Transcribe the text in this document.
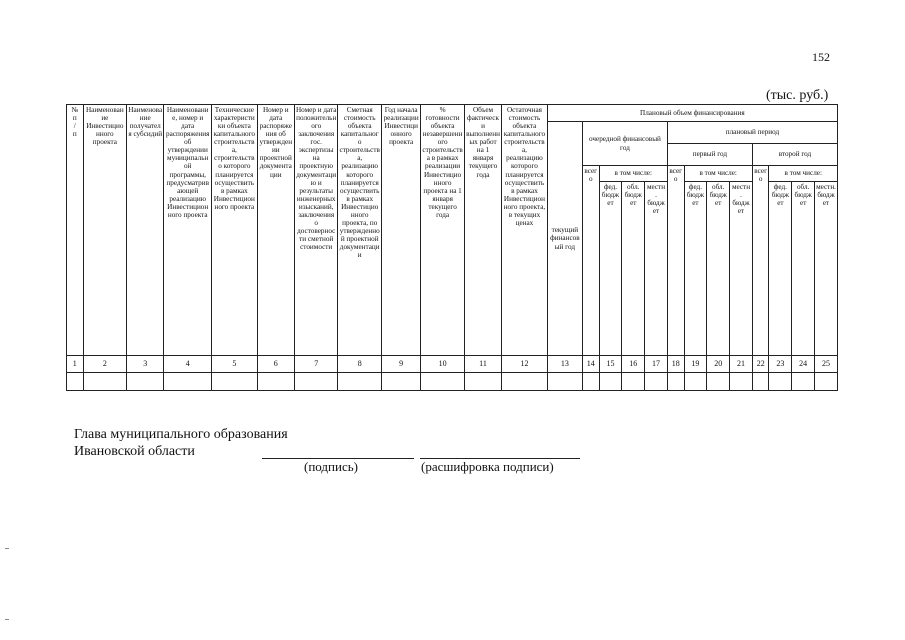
152
(тыс. руб.)
№
п
/
п	Наименование Инвестиционного проекта	Наименование получателя субсидий	Наименование, номер и дата распоряжения об утверждении муниципальной программы, предусматривающей реализацию Инвестиционного проекта	Технические характеристики объекта капитального строительства, строительство которого планируется осуществить в рамках Инвестиционного проекта	Номер и дата распоряжения об утверждении проектной документации	Номер и дата положительного заключения гос. экспертизы на проектную документацию и результаты инженерных изысканий, заключения о достоверности сметной стоимости	Сметная стоимость объекта капитального строительства, реализацию которого планируется осуществить в рамках Инвестиционного проекта, по утвержденной проектной документации	Год начала реализации Инвестиционного проекта	% готовности объекта незавершенного строительства в рамках реализации Инвестиционного проекта на 1 января текущего года	Объем фактически выполненных работ на 1 января текущего года	Остаточная стоимость объекта капитального строительства, реализацию которого планируется осуществить в рамках Инвестиционного проекта, в текущих ценах	Плановый объем финансирования												
												текущий финансовый год	очередной финансовый год				плановый период							
																	первый год				второй год			
													всего	в том числе:			всего	в том числе:			всего	в том числе:		
														фед. бюджет	обл. бюджет	местн. бюджет		фед. бюджет	обл. бюджет	местн. бюджет		фед. бюджет	обл. бюджет	местн. бюджет
1	2	3	4	5	6	7	8	9	10	11	12	13	14	15	16	17	18	19	20	21	22	23	24	25

Глава муниципального образования
Ивановской области
(подпись)	(расшифровка подписи)
